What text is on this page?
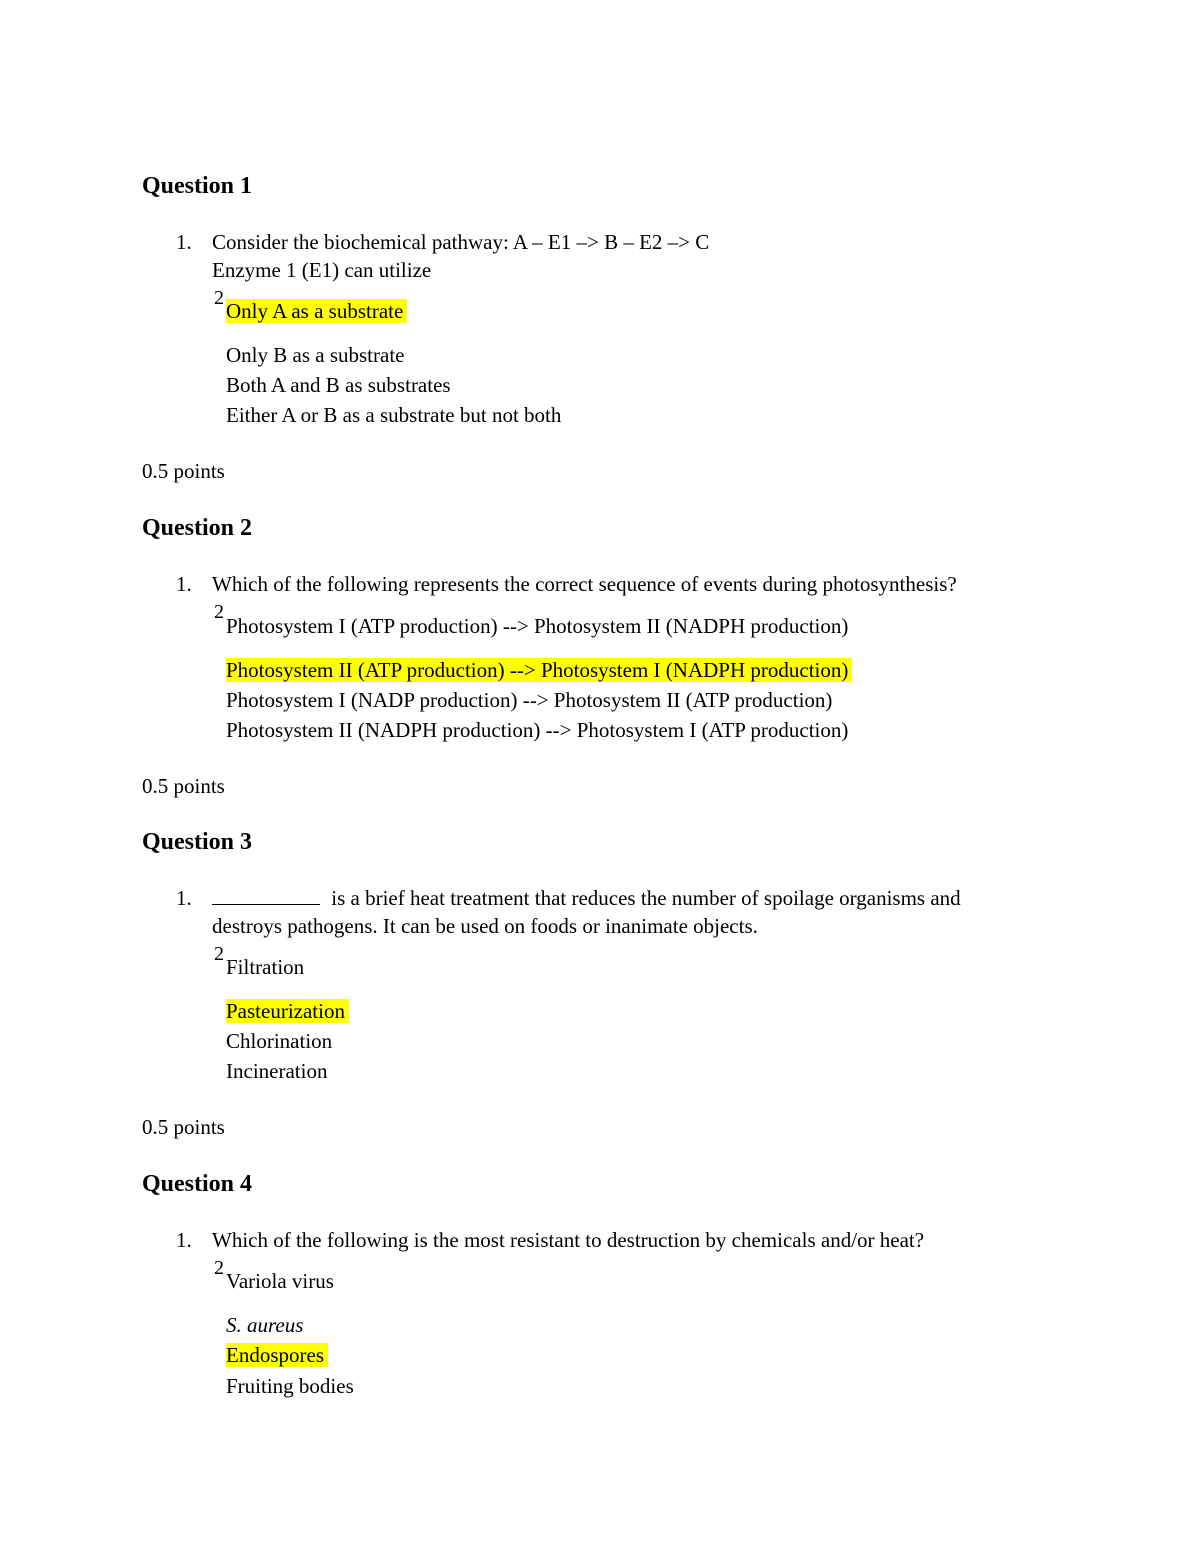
Question 1
1. Consider the biochemical pathway: A – E1 –> B – E2 –> C
Enzyme 1 (E1) can utilize
2
Only A as a substrate
Only B as a substrate
Both A and B as substrates
Either A or B as a substrate but not both
0.5 points
Question 2
1. Which of the following represents the correct sequence of events during photosynthesis?
2
Photosystem I (ATP production) --> Photosystem II (NADPH production)
Photosystem II (ATP production) --> Photosystem I (NADPH production)
Photosystem I (NADP production) --> Photosystem II (ATP production)
Photosystem II (NADPH production) --> Photosystem I (ATP production)
0.5 points
Question 3
1.	is a brief heat treatment that reduces the number of spoilage organisms and
destroys pathogens. It can be used on foods or inanimate objects.
2
Filtration
Pasteurization
Chlorination
Incineration
0.5 points
Question 4
1. Which of the following is the most resistant to destruction by chemicals and/or heat?
2
Variola virus
S. aureus
Endospores
Fruiting bodies
